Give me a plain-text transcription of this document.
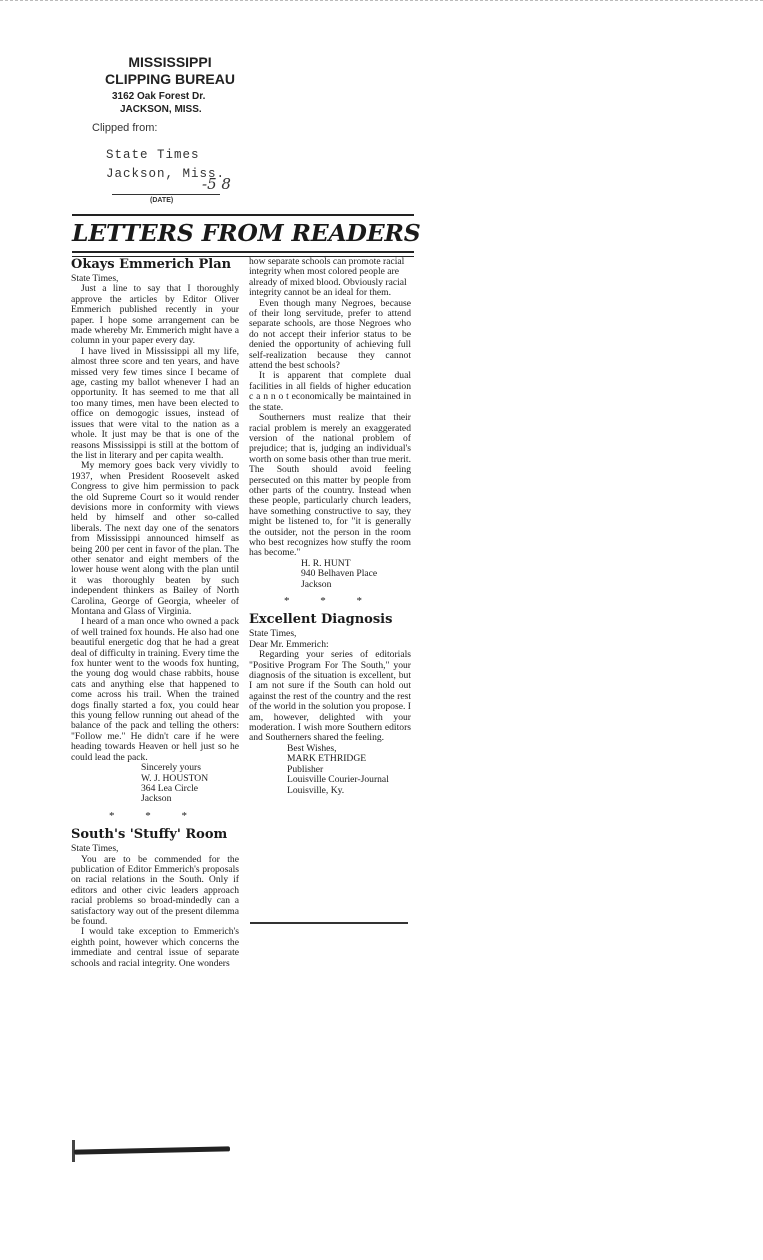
MISSISSIPPI
CLIPPING BUREAU
3162 Oak Forest Dr.
JACKSON, MISS.
Clipped from:
State Times
Jackson, Miss.
-5 8
(DATE)
LETTERS FROM READERS
Okays Emmerich Plan

State Times,

Just a line to say that I thoroughly approve the articles by Editor Oliver Emmerich published recently in your paper. I hope some arrangement can be made whereby Mr. Emmerich might have a column in your paper every day.

I have lived in Mississippi all my life, almost three score and ten years, and have missed very few times since I became of age, casting my ballot whenever I had an opportunity. It has seemed to me that all too many times, men have been elected to office on demogogic issues, instead of issues that were vital to the nation as a whole. It just may be that is one of the reasons Mississippi is still at the bottom of the list in literary and per capita wealth.

My memory goes back very vividly to 1937, when President Roosevelt asked Congress to give him permission to pack the old Supreme Court so it would render devisions more in conformity with views held by himself and other so-called liberals. The next day one of the senators from Mississippi announced himself as being 200 per cent in favor of the plan. The other senator and eight members of the lower house went along with the plan until it was thoroughly beaten by such independent thinkers as Bailey of North Carolina, George of Georgia, wheeler of Montana and Glass of Virginia.

I heard of a man once who owned a pack of well trained fox hounds. He also had one beautiful energetic dog that he had a great deal of difficulty in training. Every time the fox hunter went to the woods fox hunting, the young dog would chase rabbits, house cats and anything else that happened to come across his trail. When the trained dogs finally started a fox, you could hear this young fellow running out ahead of the balance of the pack and telling the others: "Follow me." He didn't care if he were heading towards Heaven or hell just so he could lead the pack.

Sincerely yours

W. J. HOUSTON

364 Lea Circle

Jackson

* * *

South's 'Stuffy' Room

State Times,

You are to be commended for the publication of Editor Emmerich's proposals on racial relations in the South. Only if editors and other civic leaders approach racial problems so broad-mindedly can a satisfactory way out of the present dilemma be found.

I would take exception to Emmerich's eighth point, however which concerns the immediate and central issue of separate schools and racial integrity. One wonders

how separate schools can promote racial integrity when most colored people are already of mixed blood. Obviously racial integrity cannot be an ideal for them.

Even though many Negroes, because of their long servitude, prefer to attend separate schools, are those Negroes who do not accept their inferior status to be denied the opportunity of achieving full self-realization because they cannot attend the best schools?

It is apparent that complete dual facilities in all fields of higher education c a n n o t economically be maintained in the state.

Southerners must realize that their racial problem is merely an exaggerated version of the national problem of prejudice; that is, judging an individual's worth on some basis other than true merit. The South should avoid feeling persecuted on this matter by people from other parts of the country. Instead when these people, particularly church leaders, have something constructive to say, they might be listened to, for "it is generally the outsider, not the person in the room who best recognizes how stuffy the room has become."

H. R. HUNT

940 Belhaven Place

Jackson

* * *

Excellent Diagnosis

State Times,

Dear Mr. Emmerich:

Regarding your series of editorials "Positive Program For The South," your diagnosis of the situation is excellent, but I am not sure if the South can hold out against the rest of the country and the rest of the world in the solution you propose. I am, however, delighted with your moderation. I wish more Southern editors and Southerners shared the feeling.

Best Wishes,

MARK ETHRIDGE

Publisher

Louisville Courier-Journal

Louisville, Ky.
